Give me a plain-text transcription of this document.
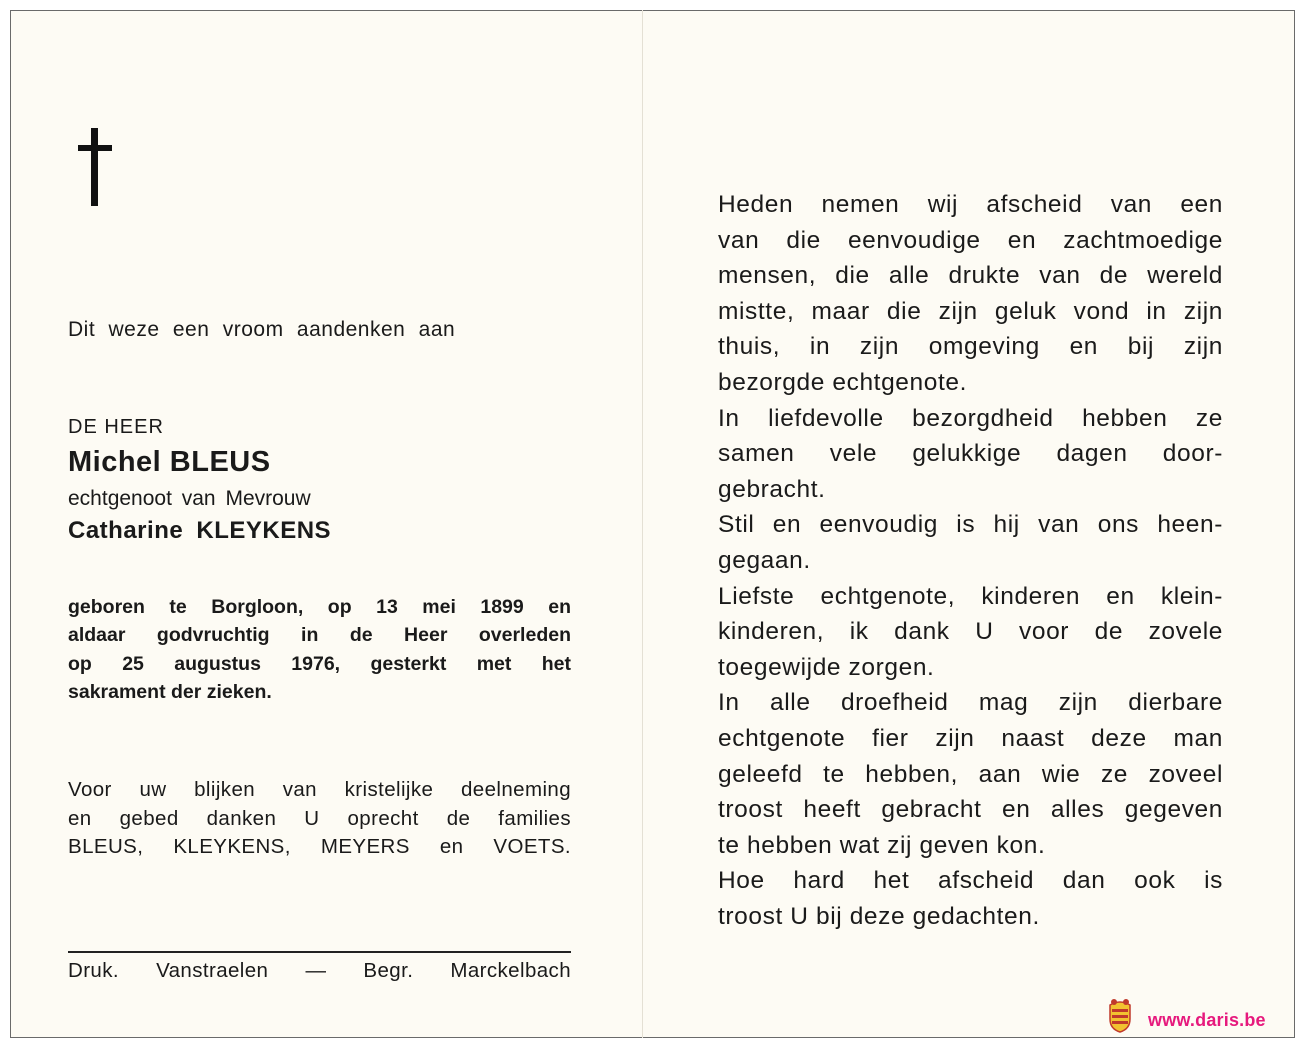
Dit weze een vroom aandenken aan
DE HEER
Michel BLEUS
echtgenoot van Mevrouw
Catharine KLEYKENS
geboren te Borgloon, op 13 mei 1899 en
aldaar godvruchtig in de Heer overleden
op 25 augustus 1976, gesterkt met het
sakrament der zieken.
Voor uw blijken van kristelijke deelneming
en gebed danken U oprecht de families
BLEUS, KLEYKENS, MEYERS en VOETS.
Druk. Vanstraelen — Begr. Marckelbach
Heden nemen wij afscheid van een
van die eenvoudige en zachtmoedige
mensen, die alle drukte van de wereld
mistte, maar die zijn geluk vond in zijn
thuis, in zijn omgeving en bij zijn
bezorgde echtgenote.
In liefdevolle bezorgdheid hebben ze
samen vele gelukkige dagen door-
gebracht.
Stil en eenvoudig is hij van ons heen-
gegaan.
Liefste echtgenote, kinderen en klein-
kinderen, ik dank U voor de zovele
toegewijde zorgen.
In alle droefheid mag zijn dierbare
echtgenote fier zijn naast deze man
geleefd te hebben, aan wie ze zoveel
troost heeft gebracht en alles gegeven
te hebben wat zij geven kon.
Hoe hard het afscheid dan ook is
troost U bij deze gedachten.
www.daris.be
